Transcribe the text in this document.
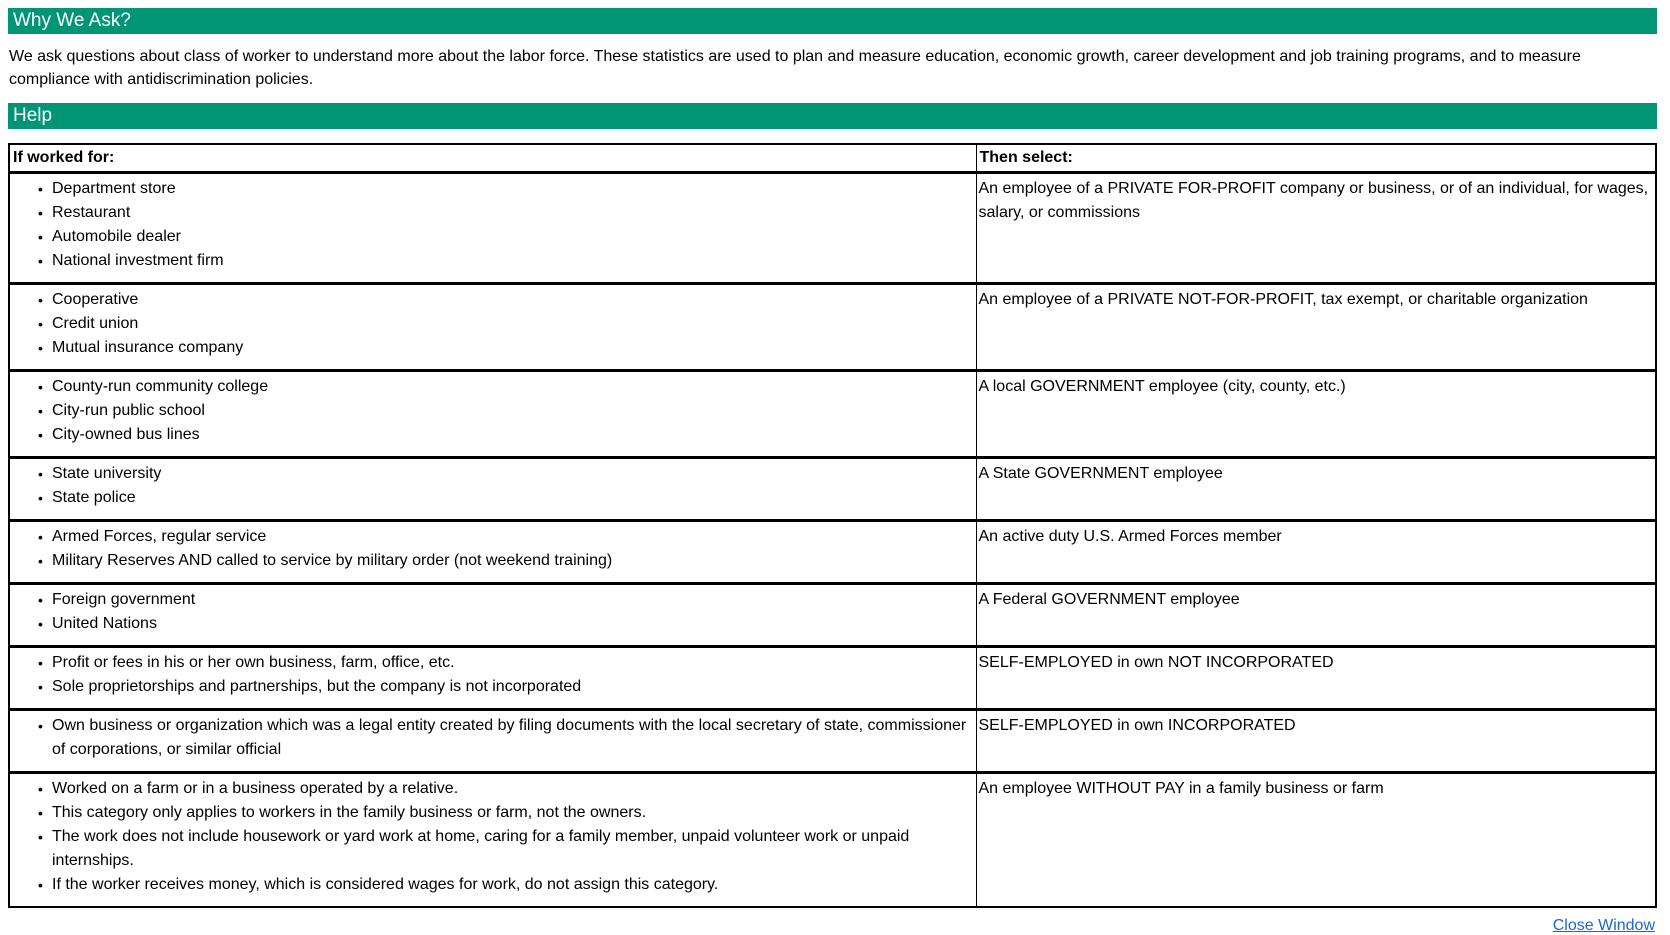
Why We Ask?

We ask questions about class of worker to understand more about the labor force. These statistics are used to plan and measure education, economic growth, career development and job training programs, and to measure compliance with antidiscrimination policies.

Help
If worked for:	Then select:

• Department store
• Restaurant
• Automobile dealer
• National investment firm
	An employee of a PRIVATE FOR-PROFIT company or business, or of an individual, for wages, salary, or commissions

• Cooperative
• Credit union
• Mutual insurance company
	An employee of a PRIVATE NOT-FOR-PROFIT, tax exempt, or charitable organization

• County-run community college
• City-run public school
• City-owned bus lines
	A local GOVERNMENT employee (city, county, etc.)

• State university
• State police
	A State GOVERNMENT employee

• Armed Forces, regular service
• Military Reserves AND called to service by military order (not weekend training)
	An active duty U.S. Armed Forces member

• Foreign government
• United Nations
	A Federal GOVERNMENT employee

• Profit or fees in his or her own business, farm, office, etc.
• Sole proprietorships and partnerships, but the company is not incorporated
	SELF-EMPLOYED in own NOT INCORPORATED

• Own business or organization which was a legal entity created by filing documents with the local secretary of state, commissioner of corporations, or similar official
	SELF-EMPLOYED in own INCORPORATED

• Worked on a farm or in a business operated by a relative.
• This category only applies to workers in the family business or farm, not the owners.
• The work does not include housework or yard work at home, caring for a family member, unpaid volunteer work or unpaid internships.
• If the worker receives money, which is considered wages for work, do not assign this category.
	An employee WITHOUT PAY in a family business or farm
Close Window
